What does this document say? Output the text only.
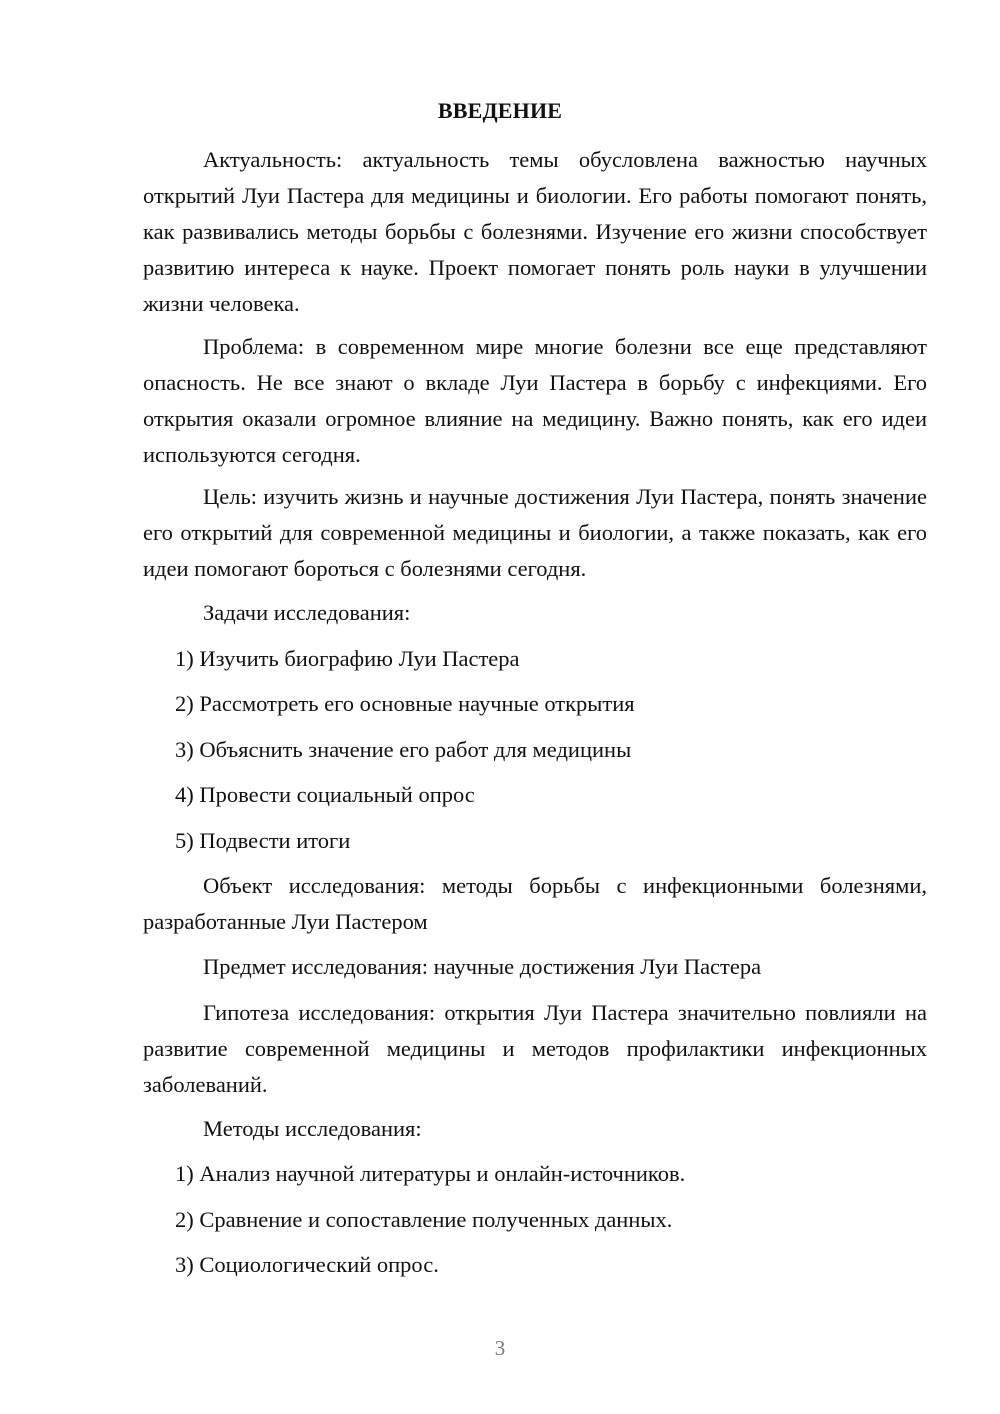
ВВЕДЕНИЕ

Актуальность: актуальность темы обусловлена важностью научных открытий Луи Пастера для медицины и биологии. Его работы помогают понять, как развивались методы борьбы с болезнями. Изучение его жизни способствует развитию интереса к науке. Проект помогает понять роль науки в улучшении жизни человека.

Проблема: в современном мире многие болезни все еще представляют опасность. Не все знают о вкладе Луи Пастера в борьбу с инфекциями. Его открытия оказали огромное влияние на медицину. Важно понять, как его идеи используются сегодня.

Цель: изучить жизнь и научные достижения Луи Пастера, понять значение его открытий для современной медицины и биологии, а также показать, как его идеи помогают бороться с болезнями сегодня.

Задачи исследования:

1) Изучить биографию Луи Пастера

2) Рассмотреть его основные научные открытия

3) Объяснить значение его работ для медицины

4) Провести социальный опрос

5) Подвести итоги

Объект исследования: методы борьбы с инфекционными болезнями, разработанные Луи Пастером

Предмет исследования: научные достижения Луи Пастера

Гипотеза исследования: открытия Луи Пастера значительно повлияли на развитие современной медицины и методов профилактики инфекционных заболеваний.

Методы исследования:

1) Анализ научной литературы и онлайн-источников.

2) Сравнение и сопоставление полученных данных.

3) Социологический опрос.

3
